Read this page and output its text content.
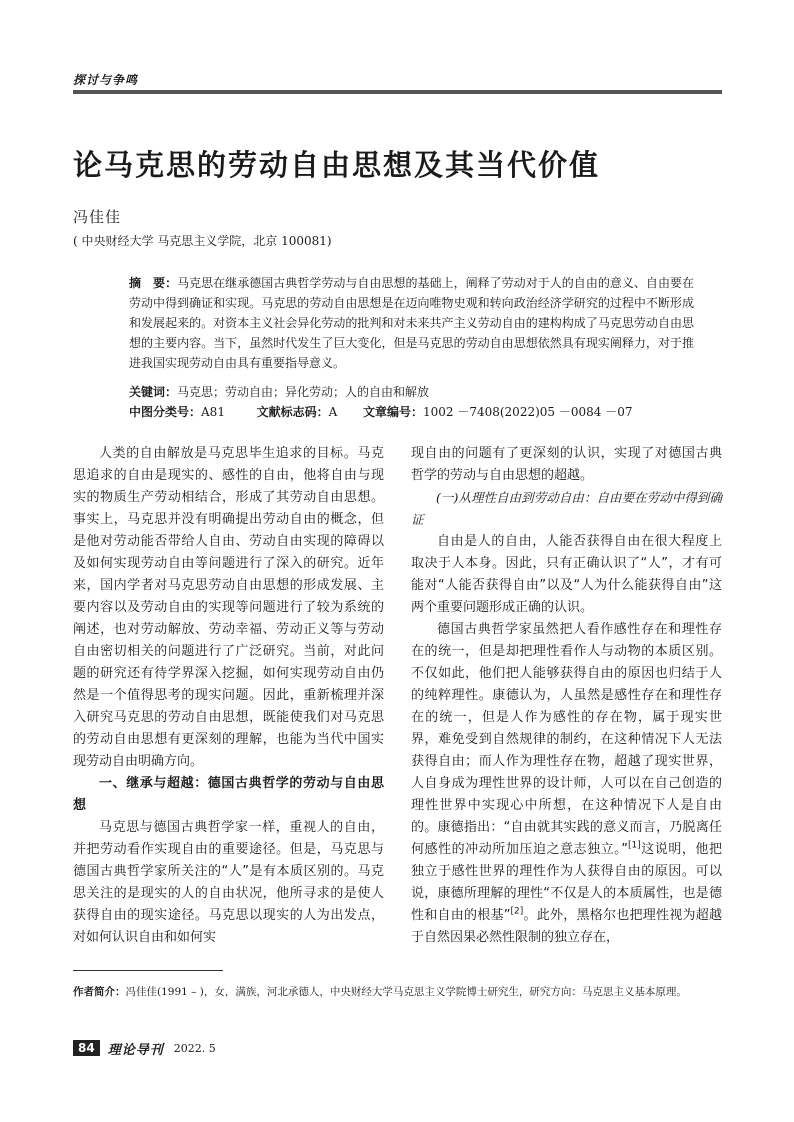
探讨与争鸣
论马克思的劳动自由思想及其当代价值
冯佳佳
( 中央财经大学 马克思主义学院，北京 100081)
摘　要：马克思在继承德国古典哲学劳动与自由思想的基础上，阐释了劳动对于人的自由的意义、自由要在劳动中得到确证和实现。马克思的劳动自由思想是在迈向唯物史观和转向政治经济学研究的过程中不断形成和发展起来的。对资本主义社会异化劳动的批判和对未来共产主义劳动自由的建构构成了马克思劳动自由思想的主要内容。当下，虽然时代发生了巨大变化，但是马克思的劳动自由思想依然具有现实阐释力，对于推进我国实现劳动自由具有重要指导意义。
关键词：马克思；劳动自由；异化劳动；人的自由和解放
中图分类号：A81	文献标志码：A 文章编号：1002 －7408(2022)05 －0084 －07

人类的自由解放是马克思毕生追求的目标。马克思追求的自由是现实的、感性的自由，他将自由与现实的物质生产劳动相结合，形成了其劳动自由思想。事实上，马克思并没有明确提出劳动自由的概念，但是他对劳动能否带给人自由、劳动自由实现的障碍以及如何实现劳动自由等问题进行了深入的研究。近年来，国内学者对马克思劳动自由思想的形成发展、主要内容以及劳动自由的实现等问题进行了较为系统的阐述，也对劳动解放、劳动幸福、劳动正义等与劳动自由密切相关的问题进行了广泛研究。当前，对此问题的研究还有待学界深入挖掘，如何实现劳动自由仍然是一个值得思考的现实问题。因此，重新梳理并深入研究马克思的劳动自由思想，既能使我们对马克思的劳动自由思想有更深刻的理解，也能为当代中国实现劳动自由明确方向。

一、继承与超越：德国古典哲学的劳动与自由思想

马克思与德国古典哲学家一样，重视人的自由，并把劳动看作实现自由的重要途径。但是，马克思与德国古典哲学家所关注的“人”是有本质区别的。马克思关注的是现实的人的自由状况，他所寻求的是使人获得自由的现实途径。马克思以现实的人为出发点，对如何认识自由和如何实

现自由的问题有了更深刻的认识，实现了对德国古典哲学的劳动与自由思想的超越。

(一)从理性自由到劳动自由：自由要在劳动中得到确证

自由是人的自由，人能否获得自由在很大程度上取决于人本身。因此，只有正确认识了“人”，才有可能对“人能否获得自由”以及“人为什么能获得自由”这两个重要问题形成正确的认识。

德国古典哲学家虽然把人看作感性存在和理性存在的统一，但是却把理性看作人与动物的本质区别。不仅如此，他们把人能够获得自由的原因也归结于人的纯粹理性。康德认为，人虽然是感性存在和理性存在的统一，但是人作为感性的存在物，属于现实世界，难免受到自然规律的制约，在这种情况下人无法获得自由；而人作为理性存在物，超越了现实世界，人自身成为理性世界的设计师，人可以在自己创造的理性世界中实现心中所想，在这种情况下人是自由的。康德指出：“自由就其实践的意义而言，乃脱离任何感性的冲动所加压迫之意志独立。”[1]这说明，他把独立于感性世界的理性作为人获得自由的原因。可以说，康德所理解的理性“不仅是人的本质属性，也是德性和自由的根基”[2]。此外，黑格尔也把理性视为超越于自然因果必然性限制的独立存在，

作者简介：冯佳佳(1991 – )，女，满族，河北承德人，中央财经大学马克思主义学院博士研究生，研究方向：马克思主义基本原理。
84	理论导刊 2022. 5
